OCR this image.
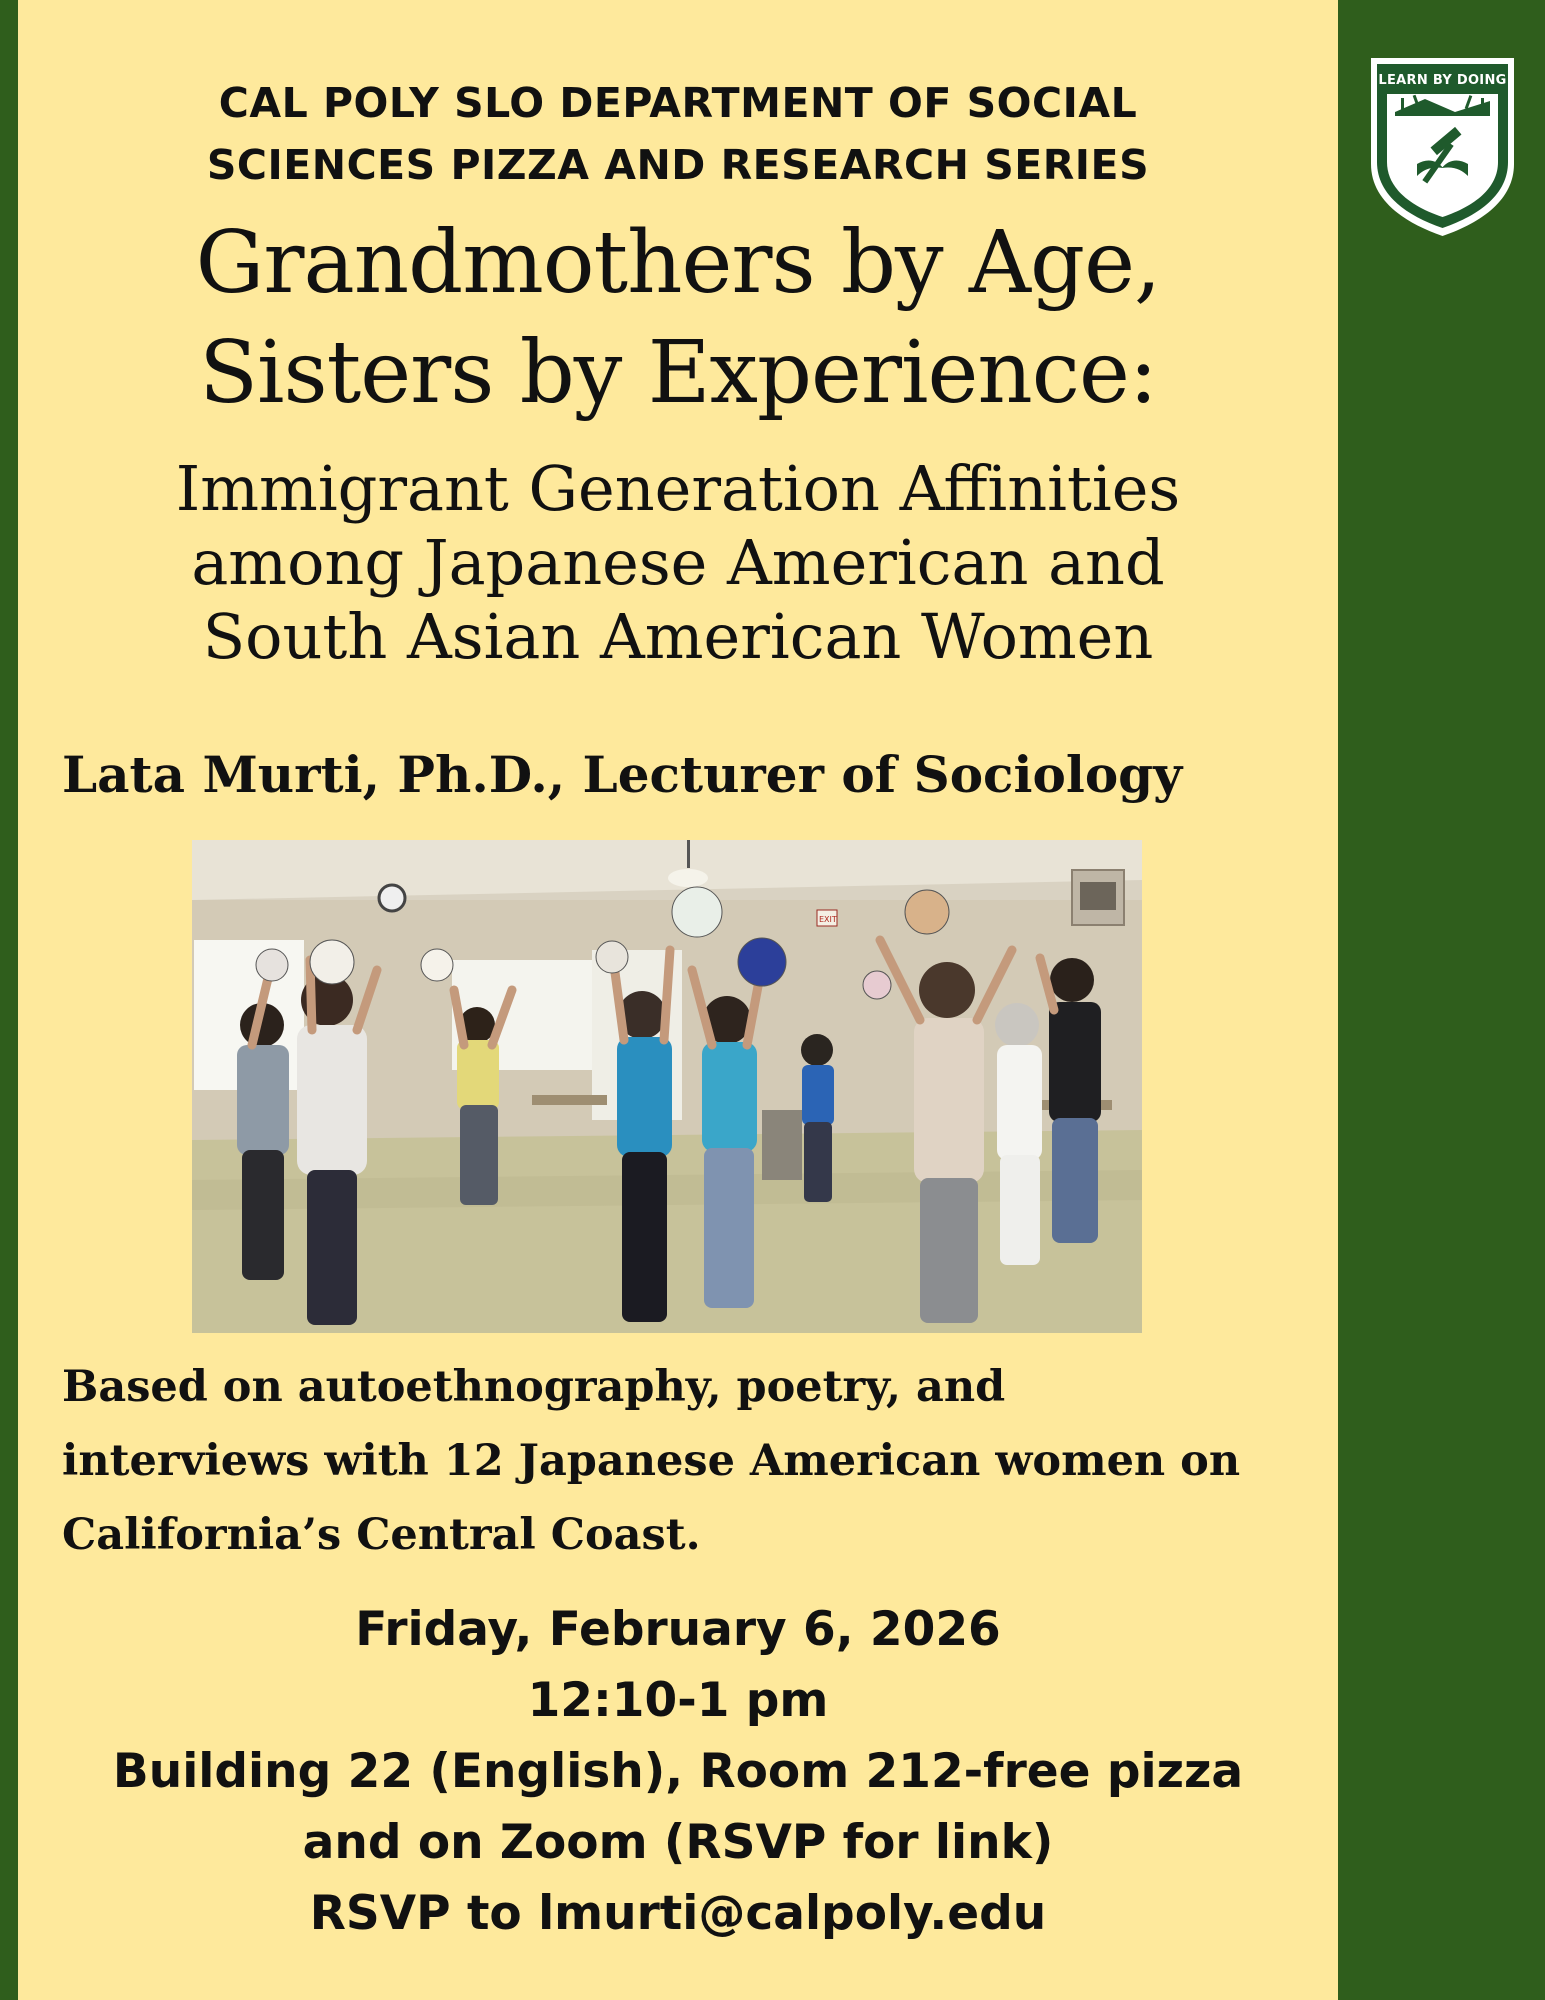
CAL POLY SLO DEPARTMENT OF SOCIAL
SCIENCES PIZZA AND RESEARCH SERIES
Grandmothers by Age,
Sisters by Experience:
Immigrant Generation Affinities
among Japanese American and
South Asian American Women
Lata Murti, Ph.D., Lecturer of Sociology
EXIT
Based on autoethnography, poetry, and
interviews with 12 Japanese American women on
California’s Central Coast.
Friday, February 6, 2026
12:10-1 pm
Building 22 (English), Room 212-free pizza
and on Zoom (RSVP for link)
RSVP to lmurti@calpoly.edu
LEARN BY DOING
